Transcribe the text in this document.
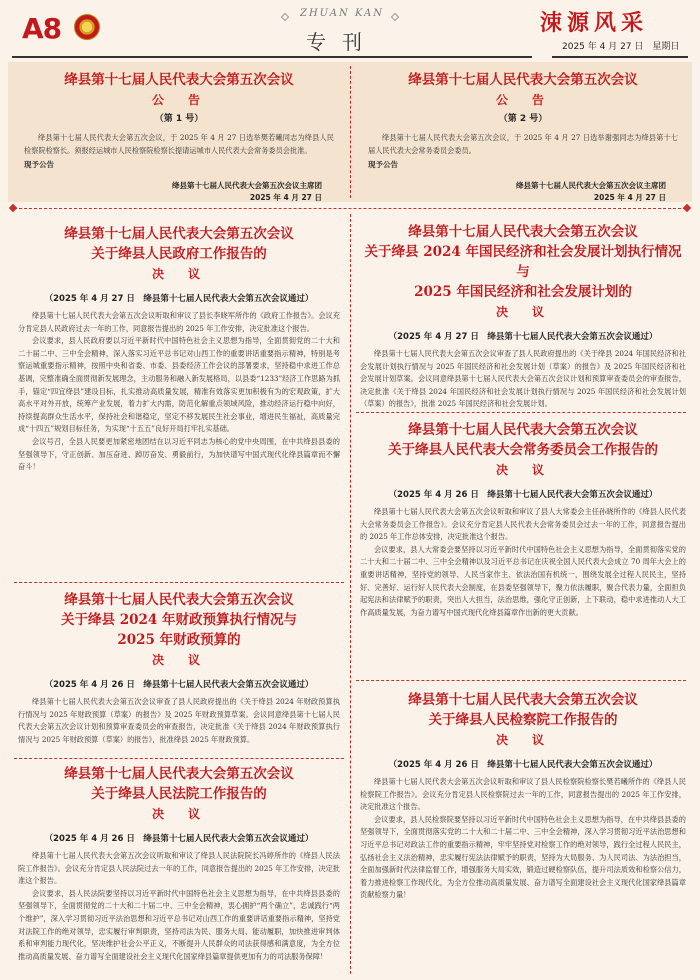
A8	ZHUAN KAN
专刊
涑源风采
2025 年 4 月 27 日　星期日
绛县第十七届人民代表大会第五次会议
公　告
（第 1 号）

绛县第十七届人民代表大会第五次会议，于 2025 年 4 月 27 日选举樊若曦同志为绛县人民检察院检察长。须报经运城市人民检察院检察长提请运城市人民代表大会常务委员会批准。

现予公告
绛县第十七届人民代表大会第五次会议主席团
2025 年 4 月 27 日
绛县第十七届人民代表大会第五次会议
公　告
（第 2 号）

绛县第十七届人民代表大会第五次会议，于 2025 年 4 月 27 日选举谢强同志为绛县第十七届人民代表大会常务委员会委员。

现予公告
绛县第十七届人民代表大会第五次会议主席团
2025 年 4 月 27 日
绛县第十七届人民代表大会第五次会议
关于绛县人民政府工作报告的
决　议
（2025 年 4 月 27 日　绛县第十七届人民代表大会第五次会议通过）

绛县第十七届人民代表大会第五次会议听取和审议了县长李晓军所作的《政府工作报告》。会议充分肯定县人民政府过去一年的工作，同意报告提出的 2025 年工作安排，决定批准这个报告。

会议要求，县人民政府要以习近平新时代中国特色社会主义思想为指导，全面贯彻党的二十大和二十届二中、三中全会精神，深入落实习近平总书记对山西工作的重要讲话重要指示精神，特别是考察运城重要指示精神，按照中央和省委、市委、县委经济工作会议的部署要求，坚持稳中求进工作总基调，完整准确全面贯彻新发展理念，主动服务和融入新发展格局，以县委“1233”经济工作思路为抓手，锚定“四宜绛县”建设目标，扎实推动高质量发展，精准有效落实更加积极有为的宏观政策，扩大高水平对外开放，统筹产业发展，着力扩大内需，防范化解重点领域风险，推动经济运行稳中向好，持续提高群众生活水平，保持社会和谐稳定，坚定不移发展民生社会事业，增进民生福祉，高质量完成“十四五”规划目标任务，为实现“十五五”良好开局打牢扎实基础。

会议号召，全县人民要更加紧密地团结在以习近平同志为核心的党中央周围，在中共绛县县委的坚强领导下，守正创新、加压奋进、踔厉奋发、勇毅前行，为加快谱写中国式现代化绛县篇章而不懈奋斗！

绛县第十七届人民代表大会第五次会议
关于绛县 2024 年财政预算执行情况与
2025 年财政预算的
决　议
（2025 年 4 月 26 日　绛县第十七届人民代表大会第五次会议通过）

绛县第十七届人民代表大会第五次会议审查了县人民政府提出的《关于绛县 2024 年财政预算执行情况与 2025 年财政预算（草案）的报告》及 2025 年财政预算草案。会议同意绛县第十七届人民代表大会第五次会议计划和预算审查委员会的审查报告，决定批准《关于绛县 2024 年财政预算执行情况与 2025 年财政预算（草案）的报告》，批准绛县 2025 年财政预算。

绛县第十七届人民代表大会第五次会议
关于绛县人民法院工作报告的
决　议
（2025 年 4 月 26 日　绛县第十七届人民代表大会第五次会议通过）

绛县第十七届人民代表大会第五次会议听取和审议了绛县人民法院院长冯婷所作的《绛县人民法院工作报告》。会议充分肯定县人民法院过去一年的工作，同意报告提出的 2025 年工作安排，决定批准这个报告。

会议要求，县人民法院要坚持以习近平新时代中国特色社会主义思想为指导，在中共绛县县委的坚强领导下，全面贯彻党的二十大和二十届二中、三中全会精神，衷心拥护“两个确立”，忠诚践行“两个维护”，深入学习贯彻习近平法治思想和习近平总书记对山西工作的重要讲话重要指示精神，坚持党对法院工作的绝对领导，忠实履行审判职责，坚持司法为民、服务大局、能动履职，加快推进审判体系和审判能力现代化，坚决维护社会公平正义，不断提升人民群众的司法获得感和满意度，为全方位推动高质量发展、奋力谱写全面建设社会主义现代化国家绛县篇章提供更加有力的司法服务保障！

绛县第十七届人民代表大会第五次会议
关于绛县 2024 年国民经济和社会发展计划执行情况与
2025 年国民经济和社会发展计划的
决　议
（2025 年 4 月 27 日　绛县第十七届人民代表大会第五次会议通过）

绛县第十七届人民代表大会第五次会议审查了县人民政府提出的《关于绛县 2024 年国民经济和社会发展计划执行情况与 2025 年国民经济和社会发展计划（草案）的报告》及 2025 年国民经济和社会发展计划草案。会议同意绛县第十七届人民代表大会第五次会议计划和预算审查委员会的审查报告，决定批准《关于绛县 2024 年国民经济和社会发展计划执行情况与 2025 年国民经济和社会发展计划（草案）的报告》，批准 2025 年国民经济和社会发展计划。

绛县第十七届人民代表大会第五次会议
关于绛县人民代表大会常务委员会工作报告的
决　议
（2025 年 4 月 26 日　绛县第十七届人民代表大会第五次会议通过）

绛县第十七届人民代表大会第五次会议听取和审议了县人大常委会主任孙晓所作的《绛县人民代表大会常务委员会工作报告》。会议充分肯定县人民代表大会常务委员会过去一年的工作，同意报告提出的 2025 年工作总体安排，决定批准这个报告。

会议要求，县人大常委会要坚持以习近平新时代中国特色社会主义思想为指导，全面贯彻落实党的二十大和二十届二中、三中全会精神以及习近平总书记在庆祝全国人民代表大会成立 70 周年大会上的重要讲话精神，坚持党的领导、人民当家作主、依法治国有机统一，围绕发展全过程人民民主，坚持好、完善好、运行好人民代表大会制度，在县委坚强领导下，聚力依法履职，聚合代表力量，全面担负起宪法和法律赋予的职责，突出人大担当，法治思维，强化守正创新，上下联动，稳中求进推动人大工作高质量发展，为奋力谱写中国式现代化绛县篇章作出新的更大贡献。

绛县第十七届人民代表大会第五次会议
关于绛县人民检察院工作报告的
决　议
（2025 年 4 月 26 日　绛县第十七届人民代表大会第五次会议通过）

绛县第十七届人民代表大会第五次会议听取和审议了县人民检察院检察长樊若曦所作的《绛县人民检察院工作报告》。会议充分肯定县人民检察院过去一年的工作，同意报告提出的 2025 年工作安排，决定批准这个报告。

会议要求，县人民检察院要坚持以习近平新时代中国特色社会主义思想为指导，在中共绛县县委的坚强领导下，全面贯彻落实党的二十大和二十届二中、三中全会精神，深入学习贯彻习近平法治思想和习近平总书记对政法工作的重要指示精神，牢牢坚持党对检察工作的绝对领导，践行全过程人民民主，弘扬社会主义法治精神，忠实履行宪法法律赋予的职责，坚持为大局服务、为人民司法、为法治担当，全面加强新时代法律监督工作，增强服务大局实效，锻造过硬检察队伍，提升司法质效和检察公信力，着力推进检察工作现代化，为全方位推动高质量发展、奋力谱写全面建设社会主义现代化国家绛县篇章贡献检察力量！
